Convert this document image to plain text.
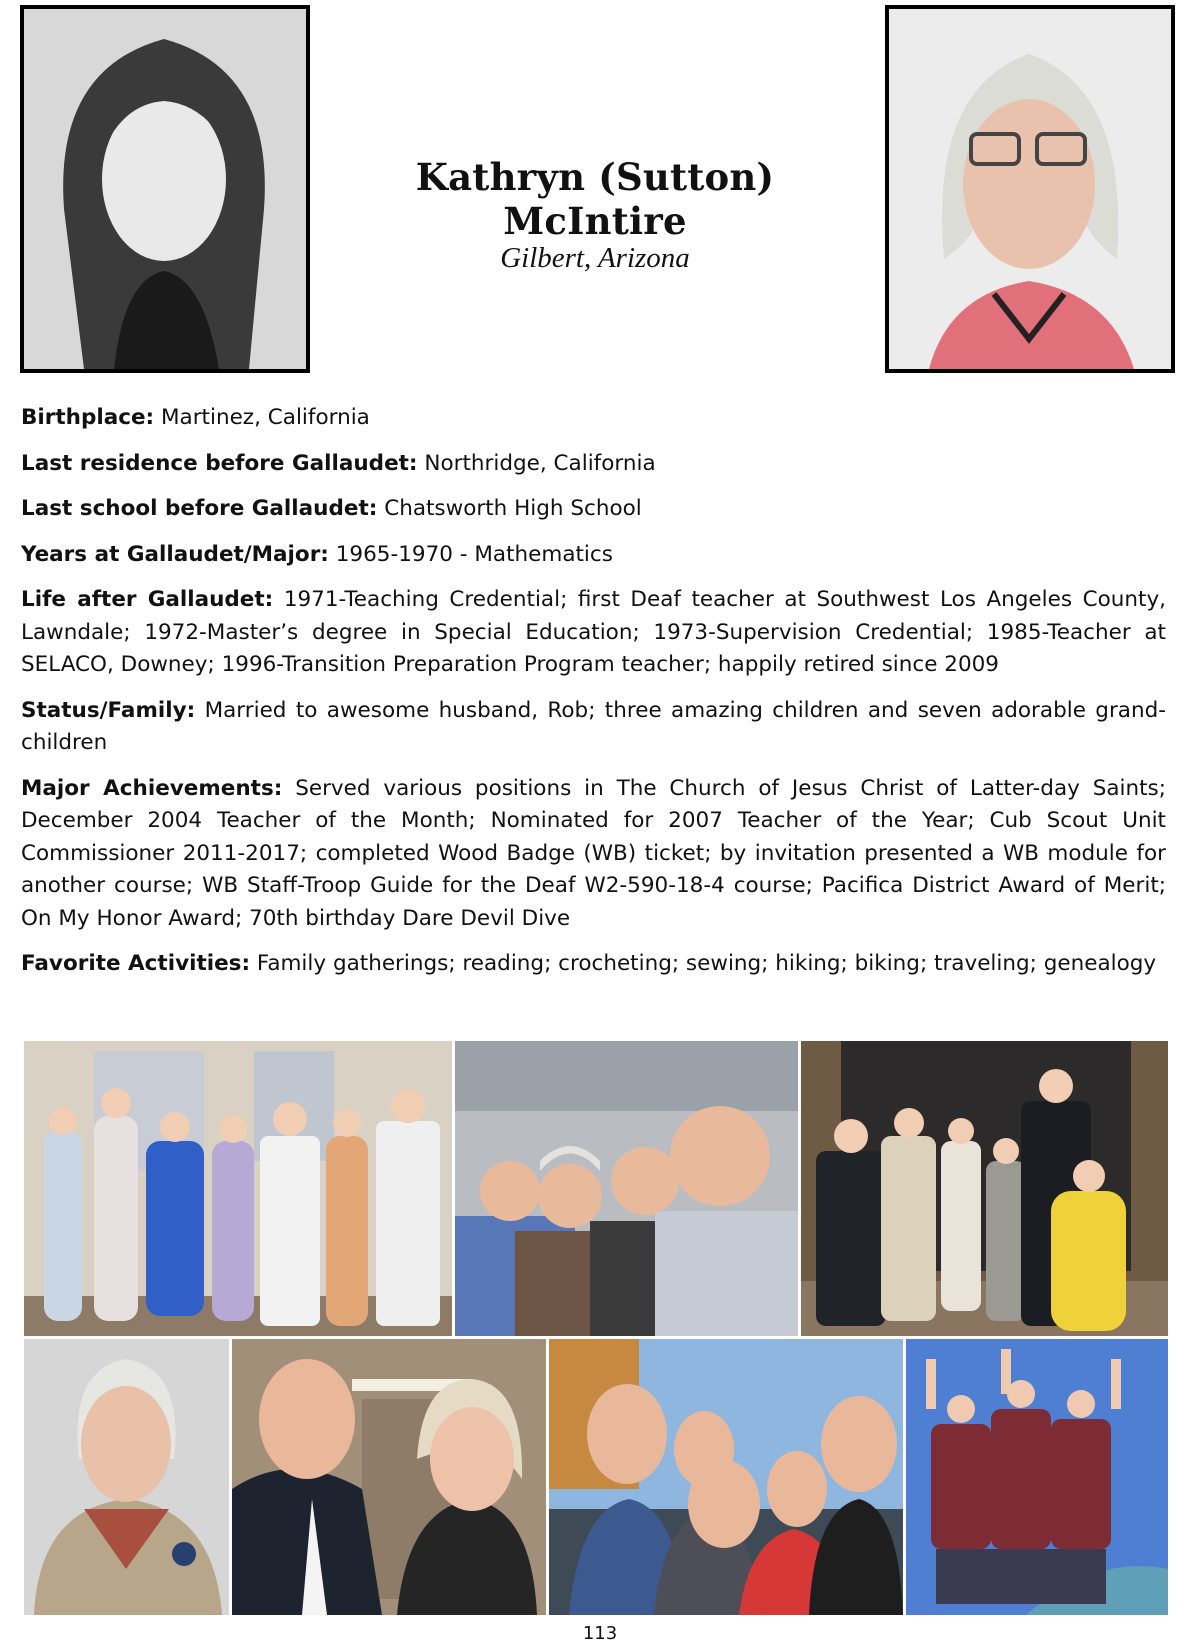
Kathryn (Sutton) McIntire
Gilbert, Arizona

Birthplace: Martinez, California

Last residence before Gallaudet: Northridge, California

Last school before Gallaudet: Chatsworth High School

Years at Gallaudet/Major: 1965-1970 - Mathematics

Life after Gallaudet: 1971-Teaching Credential; first Deaf teacher at Southwest Los Angeles County, Lawndale; 1972-Master’s degree in Special Education; 1973-Supervision Credential; 1985-Teacher at SELACO, Downey; 1996-Transition Preparation Program teacher; happily retired since 2009

Status/Family: Married to awesome husband, Rob; three amazing children and seven adorable grand-children

Major Achievements: Served various positions in The Church of Jesus Christ of Latter-day Saints; December 2004 Teacher of the Month; Nominated for 2007 Teacher of the Year; Cub Scout Unit Commissioner 2011-2017; completed Wood Badge (WB) ticket; by invitation presented a WB module for another course; WB Staff-Troop Guide for the Deaf W2-590-18-4 course; Pacifica District Award of Merit; On My Honor Award; 70th birthday Dare Devil Dive

Favorite Activities: Family gatherings; reading; crocheting; sewing; hiking; biking; traveling; genealogy

113
